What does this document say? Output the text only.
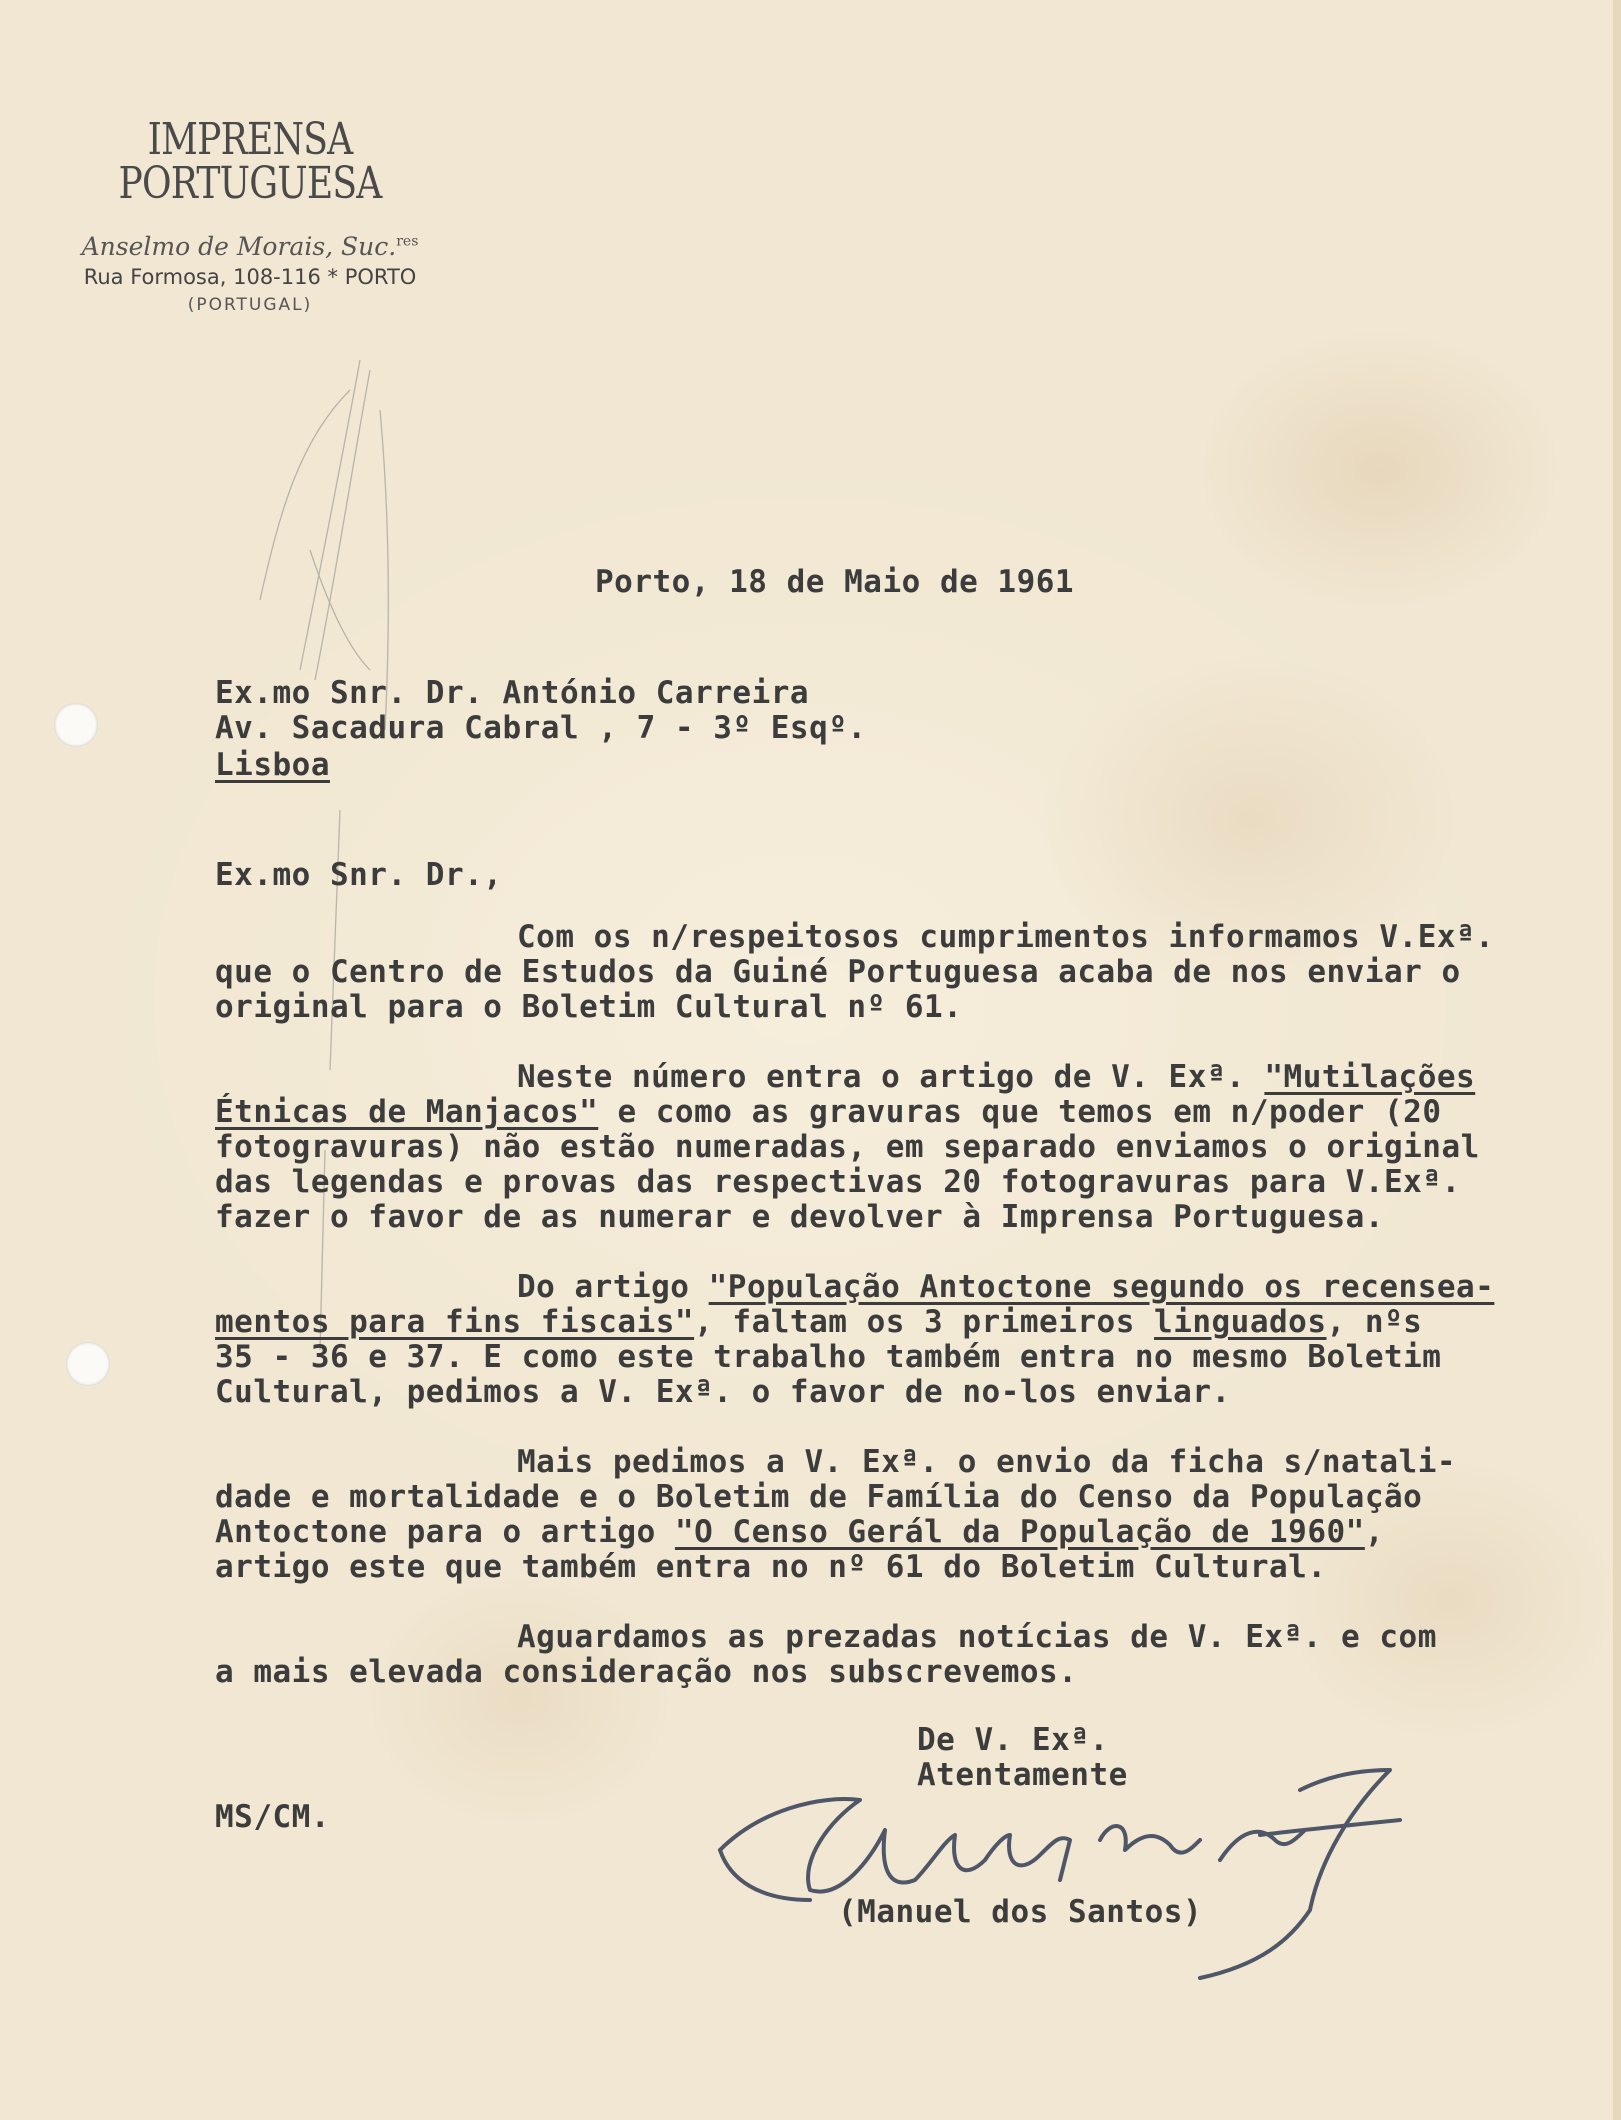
IMPRENSA
PORTUGUESA
Anselmo de Morais, Suc.$^{res}$
Rua Formosa, 108-116 * PORTO
(PORTUGAL)
Porto, 18 de Maio de 1961
Ex.mo Snr. Dr. António Carreira
Av. Sacadura Cabral , 7 - 3º Esqº.
Lisboa
Ex.mo Snr. Dr.,
Com os n/respeitosos cumprimentos informamos V.Exª.
que o Centro de Estudos da Guiné Portuguesa acaba de nos enviar o
original para o Boletim Cultural nº 61.
Neste número entra o artigo de V. Exª. "Mutilações
Étnicas de Manjacos" e como as gravuras que temos em n/poder (20
fotogravuras) não estão numeradas, em separado enviamos o original
das legendas e provas das respectivas 20 fotogravuras para V.Exª.
fazer o favor de as numerar e devolver à Imprensa Portuguesa.
Do artigo "População Antoctone segundo os recensea-
mentos para fins fiscais", faltam os 3 primeiros linguados, nºs
35 - 36 e 37. E como este trabalho também entra no mesmo Boletim
Cultural, pedimos a V. Exª. o favor de no-los enviar.
Mais pedimos a V. Exª. o envio da ficha s/natali-
dade e mortalidade e o Boletim de Família do Censo da População
Antoctone para o artigo "O Censo Gerál da População de 1960",
artigo este que também entra no nº 61 do Boletim Cultural.
Aguardamos as prezadas notícias de V. Exª. e com
a mais elevada consideração nos subscrevemos.
De V. Exª.
Atentamente
MS/CM.
(Manuel dos Santos)
